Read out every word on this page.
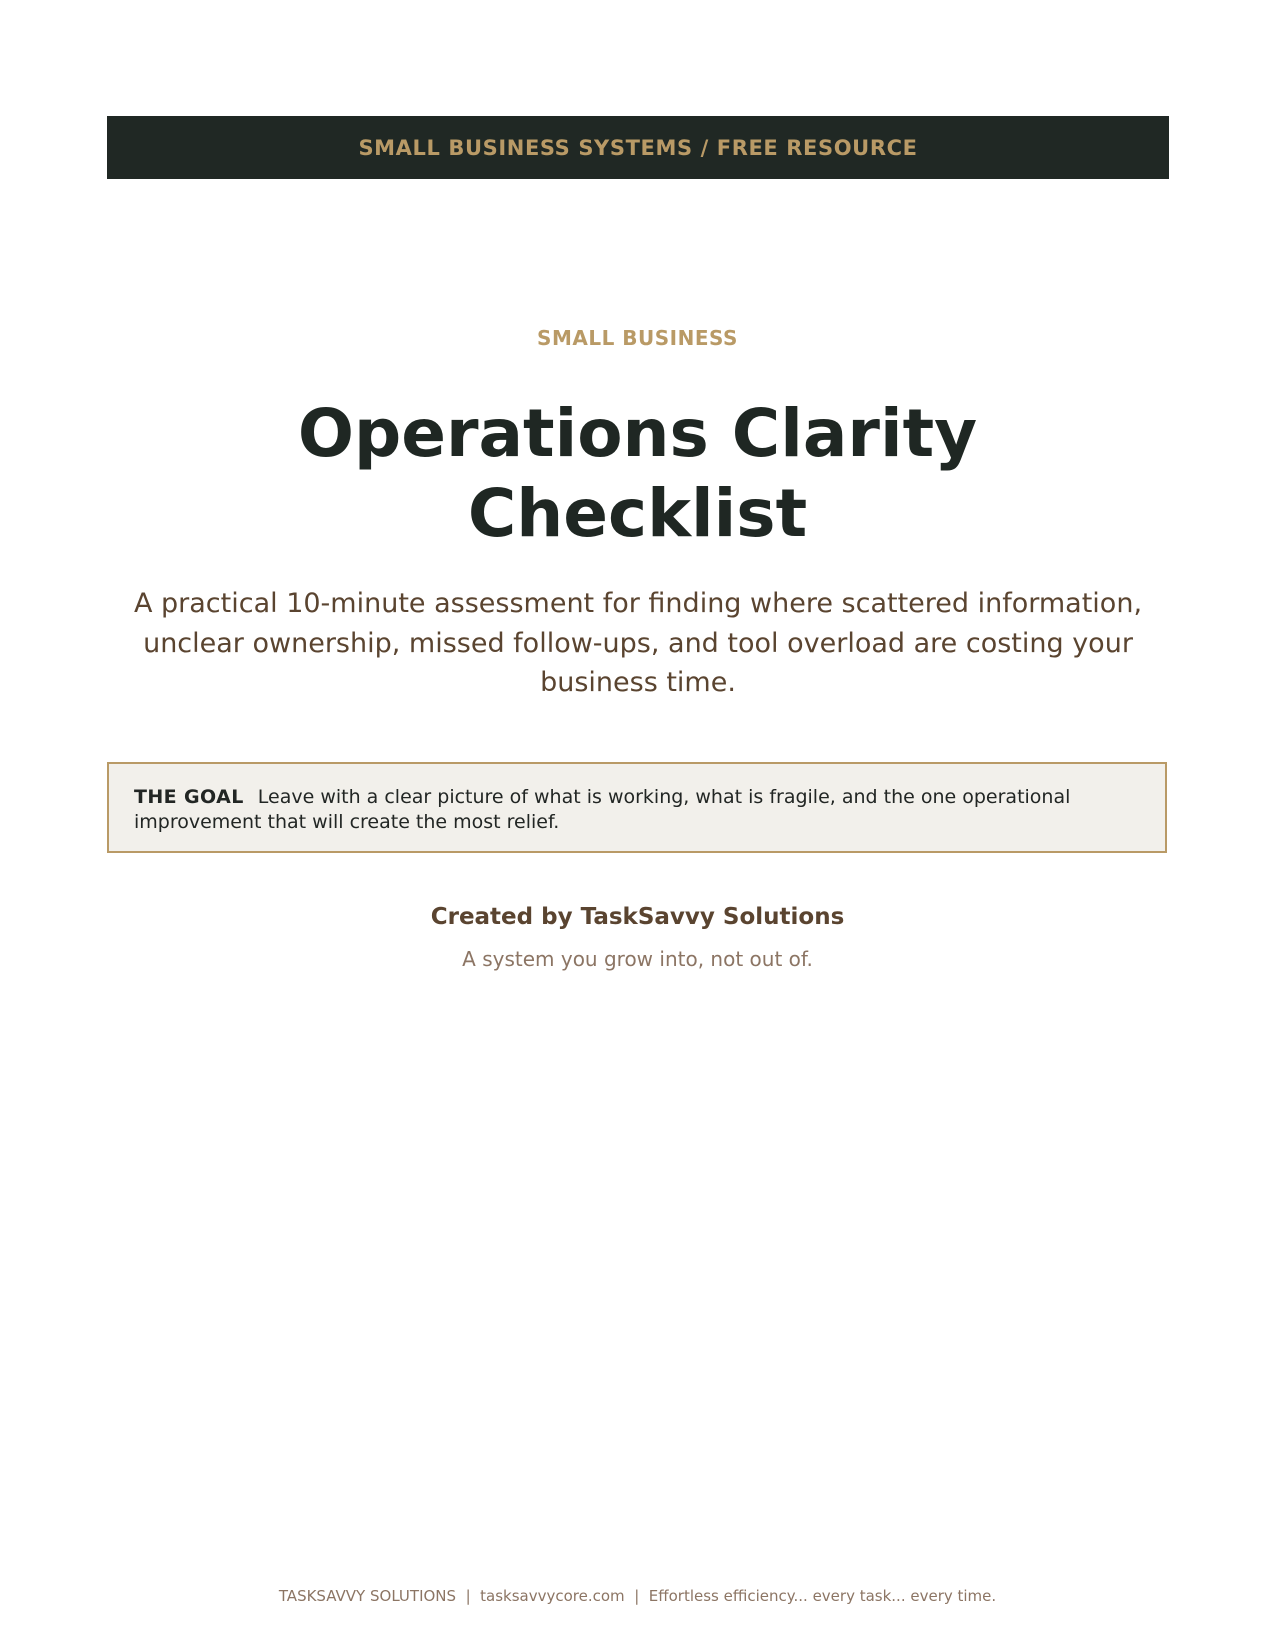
SMALL BUSINESS SYSTEMS / FREE RESOURCE
SMALL BUSINESS
Operations Clarity Checklist

A practical 10-minute assessment for finding where scattered information, unclear ownership, missed follow-ups, and tool overload are costing your business time.

THE GOAL Leave with a clear picture of what is working, what is fragile, and the one operational improvement that will create the most relief.
Created by TaskSavvy Solutions
A system you grow into, not out of.
TASKSAVVY SOLUTIONS  |  tasksavvycore.com  |  Effortless efficiency... every task... every time.
